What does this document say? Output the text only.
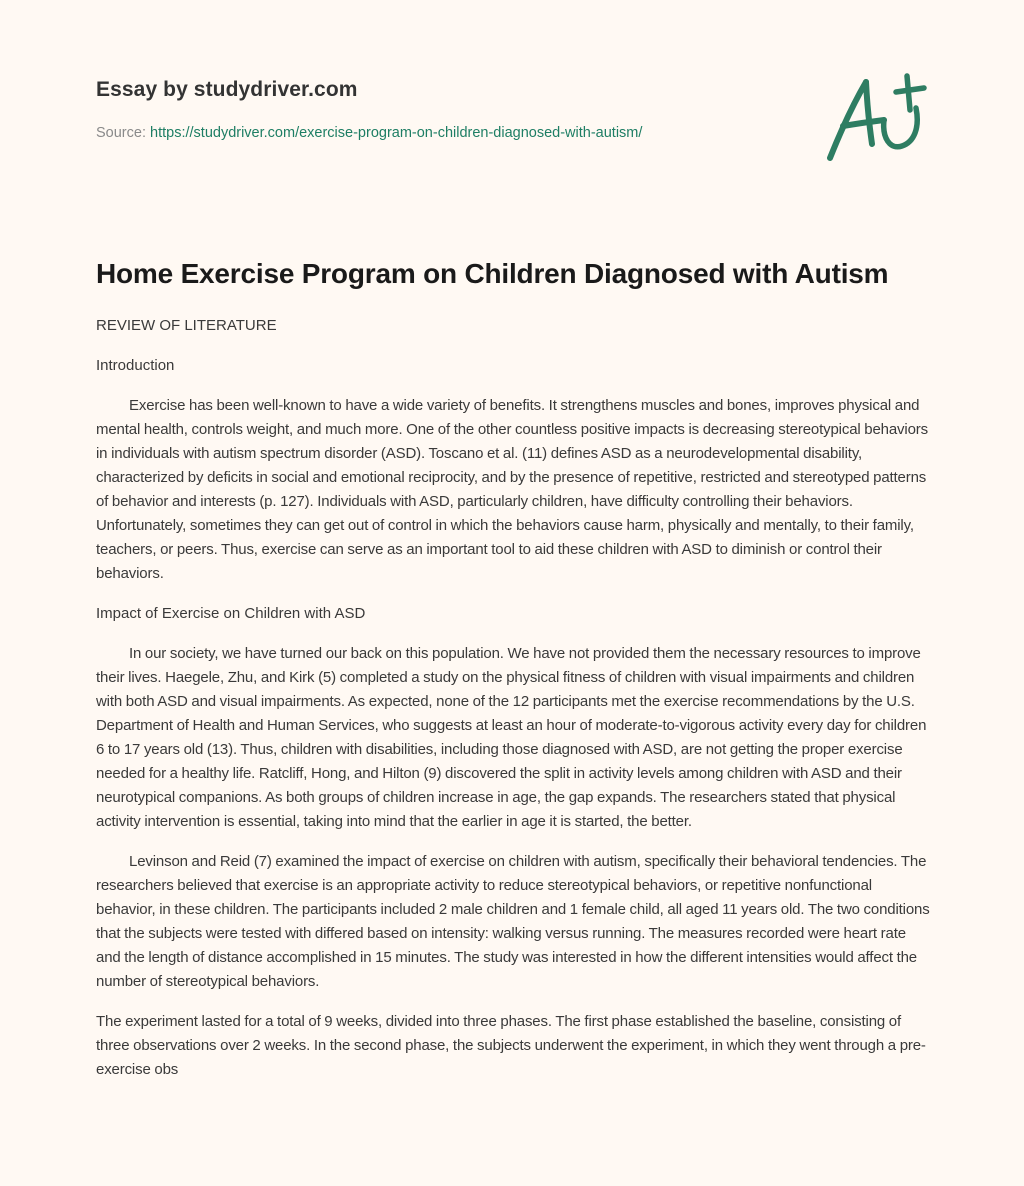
Essay by studydriver.com
Source: https://studydriver.com/exercise-program-on-children-diagnosed-with-autism/
Home Exercise Program on Children Diagnosed with Autism

REVIEW OF LITERATURE

Introduction

Exercise has been well-known to have a wide variety of benefits. It strengthens muscles and bones, improves physical and mental health, controls weight, and much more. One of the other countless positive impacts is decreasing stereotypical behaviors in individuals with autism spectrum disorder (ASD). Toscano et al. (11) defines ASD as a neurodevelopmental disability, characterized by deficits in social and emotional reciprocity, and by the presence of repetitive, restricted and stereotyped patterns of behavior and interests (p. 127). Individuals with ASD, particularly children, have difficulty controlling their behaviors. Unfortunately, sometimes they can get out of control in which the behaviors cause harm, physically and mentally, to their family, teachers, or peers. Thus, exercise can serve as an important tool to aid these children with ASD to diminish or control their behaviors.

Impact of Exercise on Children with ASD

In our society, we have turned our back on this population. We have not provided them the necessary resources to improve their lives. Haegele, Zhu, and Kirk (5) completed a study on the physical fitness of children with visual impairments and children with both ASD and visual impairments. As expected, none of the 12 participants met the exercise recommendations by the U.S. Department of Health and Human Services, who suggests at least an hour of moderate-to-vigorous activity every day for children 6 to 17 years old (13). Thus, children with disabilities, including those diagnosed with ASD, are not getting the proper exercise needed for a healthy life. Ratcliff, Hong, and Hilton (9) discovered the split in activity levels among children with ASD and their neurotypical companions. As both groups of children increase in age, the gap expands. The researchers stated that physical activity intervention is essential, taking into mind that the earlier in age it is started, the better.

Levinson and Reid (7) examined the impact of exercise on children with autism, specifically their behavioral tendencies. The researchers believed that exercise is an appropriate activity to reduce stereotypical behaviors, or repetitive nonfunctional behavior, in these children. The participants included 2 male children and 1 female child, all aged 11 years old. The two conditions that the subjects were tested with differed based on intensity: walking versus running. The measures recorded were heart rate and the length of distance accomplished in 15 minutes. The study was interested in how the different intensities would affect the number of stereotypical behaviors.

The experiment lasted for a total of 9 weeks, divided into three phases. The first phase established the baseline, consisting of three observations over 2 weeks. In the second phase, the subjects underwent the experiment, in which they went through a pre-exercise obs
